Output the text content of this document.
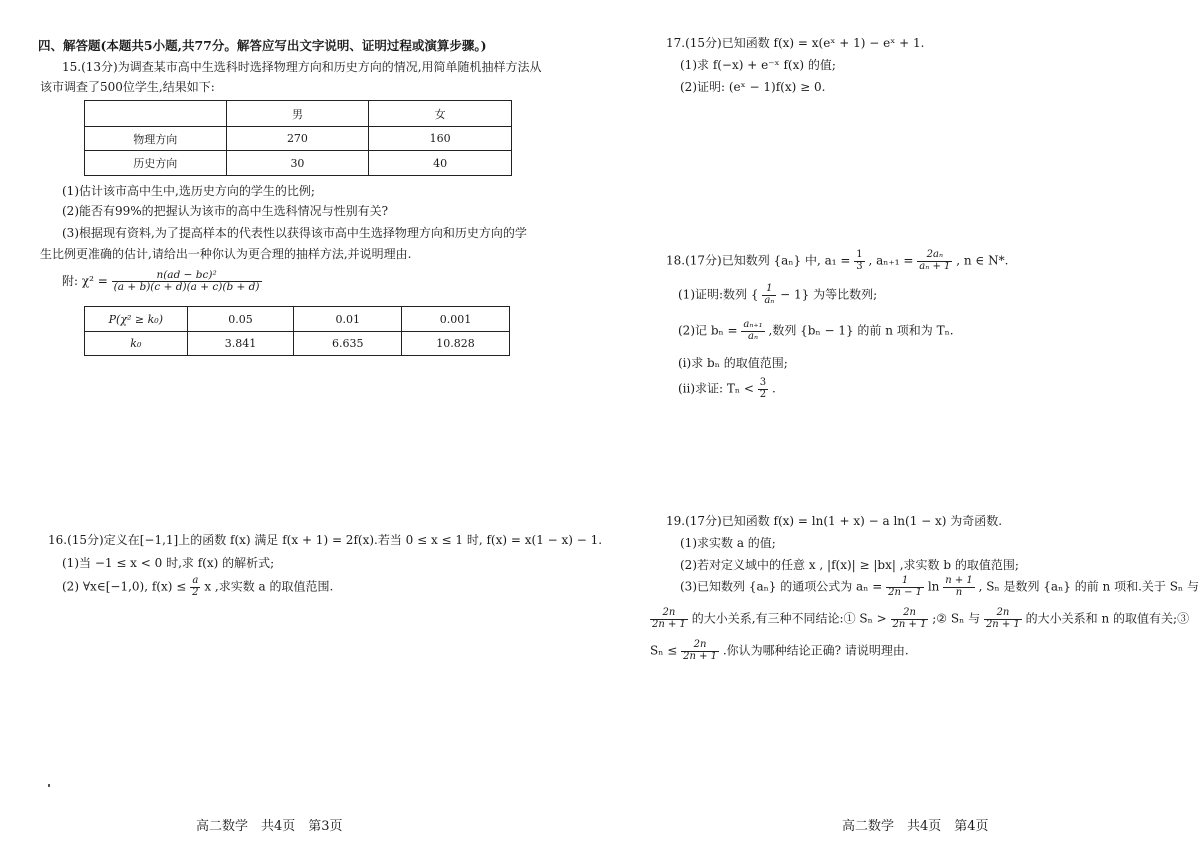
四、解答题(本题共5小题,共77分。解答应写出文字说明、证明过程或演算步骤。)
15.(13分)为调查某市高中生选科时选择物理方向和历史方向的情况,用简单随机抽样方法从
该市调查了500位学生,结果如下:
	男	女
物理方向	270	160
历史方向	30	40
(1)估计该市高中生中,选历史方向的学生的比例;
(2)能否有99%的把握认为该市的高中生选科情况与性别有关?
(3)根据现有资料,为了提高样本的代表性以获得该市高中生选择物理方向和历史方向的学
生比例更准确的估计,请给出一种你认为更合理的抽样方法,并说明理由.
附: $\chi^2 = \frac{\text{n(ad − bc)²}}{(a + b)(c + d)(a + c)(b + d)}$
P(χ² ≥ k₀)	0.05	0.01	0.001
k₀	3.841	6.635	10.828
16.(15分)定义在[−1,1]上的函数 f(x) 满足 f(x + 1) = 2f(x).若当 0 ≤ x ≤ 1 时, f(x) = x(1 − x) − 1.
(1)当 −1 ≤ x < 0 时,求 f(x) 的解析式;
(2) ∀x∈[−1,0), $f(x) \le \frac{a}{2}$ x ,求实数 a 的取值范围.
高二数学　共4页　第3页
17.(15分)已知函数 f(x) = x(eˣ + 1) − eˣ + 1.
(1)求 f(−x) + e⁻ˣ f(x) 的值;
(2)证明: (eˣ − 1)f(x) ≥ 0.
18.(17分)已知数列 {aₙ} 中, $a_1 = \frac{1}{3}$ , $a_{n+1} = \frac{\text{2aₙ}}{\text{aₙ + 1}}$ , n ∈ N*.
(1)证明:数列 { $\frac{1}{\text{aₙ}} - 1$} 为等比数列;
(2)记 $b_n = \frac{\text{aₙ₊₁}}{\text{aₙ}}$ ,数列 {bₙ − 1} 的前 n 项和为 Tₙ.
(i)求 bₙ 的取值范围;
(ii)求证: $T_n < \frac{3}{2}$ .
19.(17分)已知函数 f(x) = ln(1 + x) − a ln(1 − x) 为奇函数.
(1)求实数 a 的值;
(2)若对定义域中的任意 x , |f(x)| ≥ |bx| ,求实数 b 的取值范围;
(3)已知数列 {aₙ} 的通项公式为 $a_n = \frac{1}{2n - 1}$ $\ln \frac{n + 1}{n}$ , Sₙ 是数列 {aₙ} 的前 n 项和.关于 Sₙ 与
$\frac{2n}{2n + 1}$ 的大小关系,有三种不同结论:① $S_n > \frac{2n}{2n + 1}$ ;② Sₙ 与 $\frac{2n}{2n + 1}$ 的大小关系和 n 的取值有关;③
$S_n \le \frac{2n}{2n + 1}$ .你认为哪种结论正确? 请说明理由.
高二数学　共4页　第4页
